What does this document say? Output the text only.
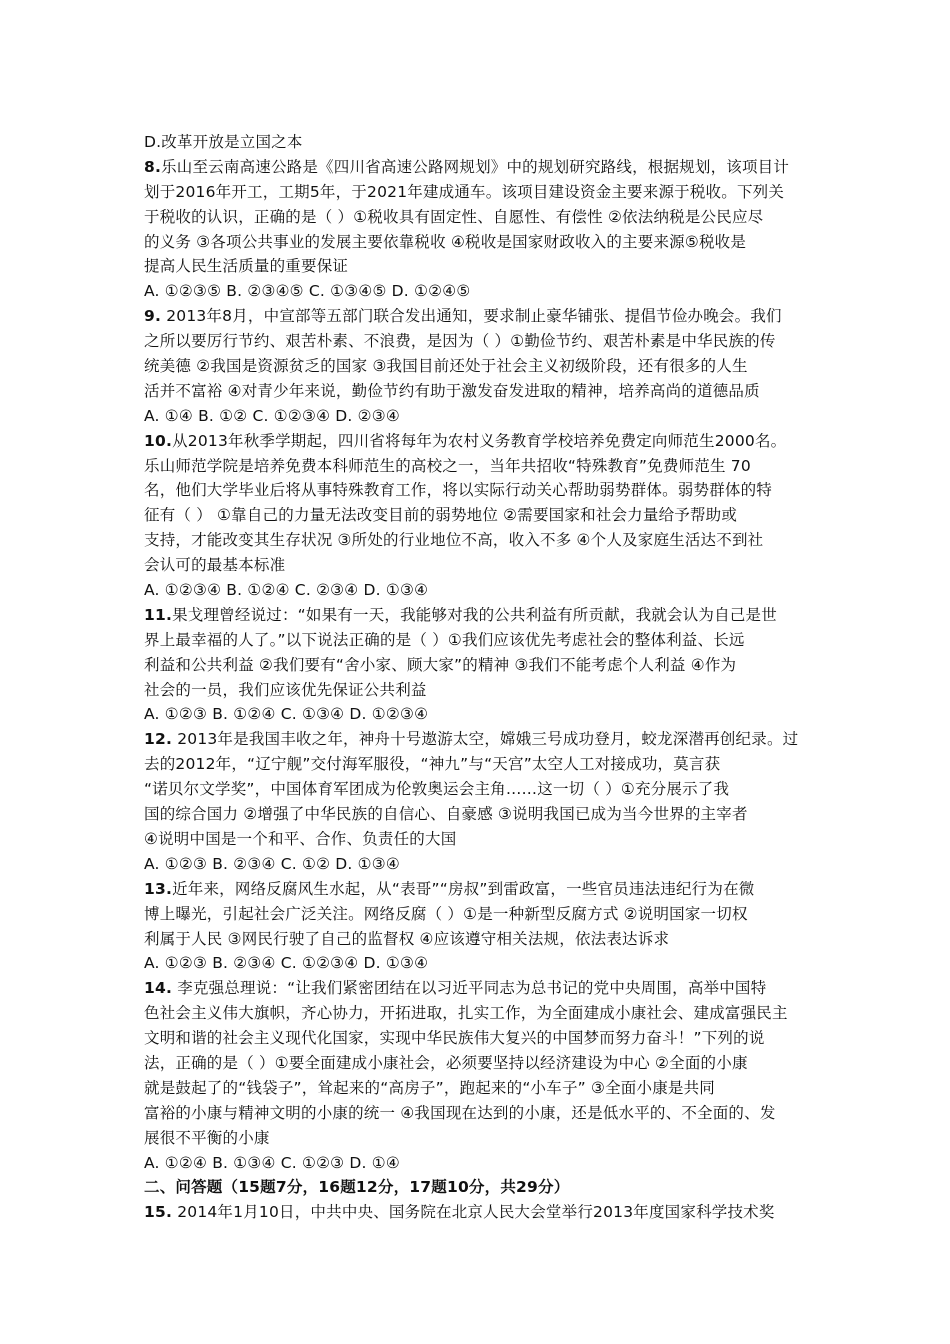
D.改革开放是立国之本
8.乐山至云南高速公路是《四川省高速公路网规划》中的规划研究路线，根据规划，该项目计
划于2016年开工，工期5年，于2021年建成通车。该项目建设资金主要来源于税收。下列关
于税收的认识，正确的是（ ）①税收具有固定性、自愿性、有偿性 ②依法纳税是公民应尽
的义务 ③各项公共事业的发展主要依靠税收 ④税收是国家财政收入的主要来源⑤税收是
提高人民生活质量的重要保证
A. ①②③⑤ B. ②③④⑤ C. ①③④⑤ D. ①②④⑤
9. 2013年8月，中宣部等五部门联合发出通知，要求制止豪华铺张、提倡节俭办晚会。我们
之所以要厉行节约、艰苦朴素、不浪费，是因为（ ）①勤俭节约、艰苦朴素是中华民族的传
统美德 ②我国是资源贫乏的国家 ③我国目前还处于社会主义初级阶段，还有很多的人生
活并不富裕 ④对青少年来说，勤俭节约有助于激发奋发进取的精神，培养高尚的道德品质
A. ①④ B. ①② C. ①②③④ D. ②③④
10.从2013年秋季学期起，四川省将每年为农村义务教育学校培养免费定向师范生2000名。
乐山师范学院是培养免费本科师范生的高校之一，当年共招收“特殊教育”免费师范生 70
名，他们大学毕业后将从事特殊教育工作，将以实际行动关心帮助弱势群体。弱势群体的特
征有（ ） ①靠自己的力量无法改变目前的弱势地位 ②需要国家和社会力量给予帮助或
支持，才能改变其生存状况 ③所处的行业地位不高，收入不多 ④个人及家庭生活达不到社
会认可的最基本标准
A. ①②③④ B. ①②④ C. ②③④ D. ①③④
11.果戈理曾经说过：“如果有一天，我能够对我的公共利益有所贡献，我就会认为自己是世
界上最幸福的人了。”以下说法正确的是（ ）①我们应该优先考虑社会的整体利益、长远
利益和公共利益 ②我们要有“舍小家、顾大家”的精神 ③我们不能考虑个人利益 ④作为
社会的一员，我们应该优先保证公共利益
A. ①②③ B. ①②④ C. ①③④ D. ①②③④
12. 2013年是我国丰收之年，神舟十号遨游太空，嫦娥三号成功登月，蛟龙深潜再创纪录。过
去的2012年，“辽宁舰”交付海军服役，“神九”与“天宫”太空人工对接成功，莫言获
“诺贝尔文学奖”，中国体育军团成为伦敦奥运会主角……这一切（ ）①充分展示了我
国的综合国力 ②增强了中华民族的自信心、自豪感 ③说明我国已成为当今世界的主宰者
④说明中国是一个和平、合作、负责任的大国
A. ①②③ B. ②③④ C. ①② D. ①③④
13.近年来，网络反腐风生水起，从“表哥”“房叔”到雷政富，一些官员违法违纪行为在微
博上曝光，引起社会广泛关注。网络反腐（ ）①是一种新型反腐方式 ②说明国家一切权
利属于人民 ③网民行驶了自己的监督权 ④应该遵守相关法规，依法表达诉求
A. ①②③ B. ②③④ C. ①②③④ D. ①③④
14. 李克强总理说：“让我们紧密团结在以习近平同志为总书记的党中央周围，高举中国特
色社会主义伟大旗帜，齐心协力，开拓进取，扎实工作，为全面建成小康社会、建成富强民主
文明和谐的社会主义现代化国家，实现中华民族伟大复兴的中国梦而努力奋斗！”下列的说
法，正确的是（ ）①要全面建成小康社会，必须要坚持以经济建设为中心 ②全面的小康
就是鼓起了的“钱袋子”，耸起来的“高房子”，跑起来的“小车子” ③全面小康是共同
富裕的小康与精神文明的小康的统一 ④我国现在达到的小康，还是低水平的、不全面的、发
展很不平衡的小康
A. ①②④ B. ①③④ C. ①②③ D. ①④
二、问答题（15题7分，16题12分，17题10分，共29分）
15. 2014年1月10日，中共中央、国务院在北京人民大会堂举行2013年度国家科学技术奖
